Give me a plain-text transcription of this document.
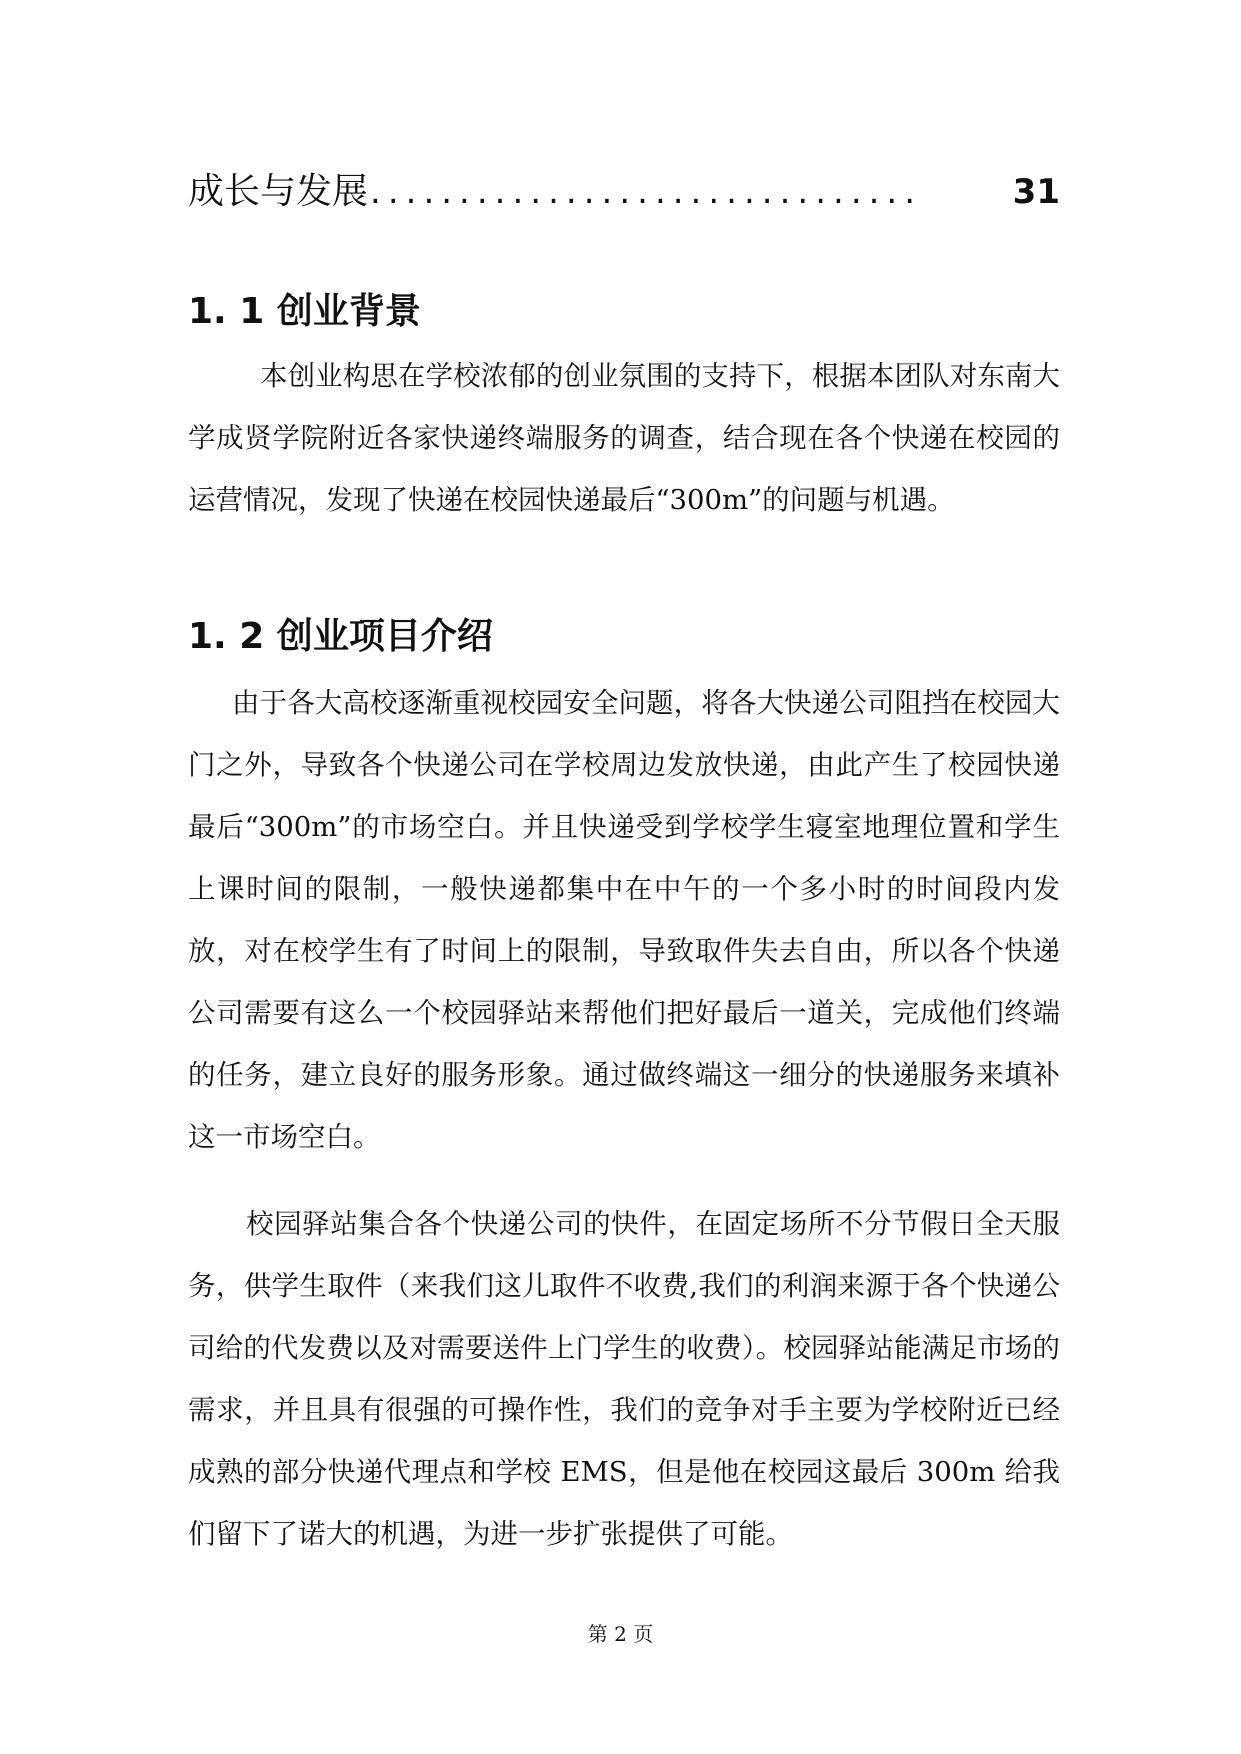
成长与发展 ...............................	31
1. 1 创业背景
本创业构思在学校浓郁的创业氛围的支持下，根据本团队对东南大学成贤学院附近各家快递终端服务的调查，结合现在各个快递在校园的运营情况，发现了快递在校园快递最后“300m”的问题与机遇。
1. 2 创业项目介绍
由于各大高校逐渐重视校园安全问题，将各大快递公司阻挡在校园大门之外，导致各个快递公司在学校周边发放快递，由此产生了校园快递最后“300m”的市场空白。并且快递受到学校学生寝室地理位置和学生上课时间的限制，一般快递都集中在中午的一个多小时的时间段内发放，对在校学生有了时间上的限制，导致取件失去自由，所以各个快递公司需要有这么一个校园驿站来帮他们把好最后一道关，完成他们终端的任务，建立良好的服务形象。通过做终端这一细分的快递服务来填补这一市场空白。
校园驿站集合各个快递公司的快件，在固定场所不分节假日全天服务，供学生取件（来我们这儿取件不收费,我们的利润来源于各个快递公司给的代发费以及对需要送件上门学生的收费）。校园驿站能满足市场的需求，并且具有很强的可操作性，我们的竞争对手主要为学校附近已经成熟的部分快递代理点和学校 EMS，但是他在校园这最后 300m 给我们留下了诺大的机遇，为进一步扩张提供了可能。
第 2 页
